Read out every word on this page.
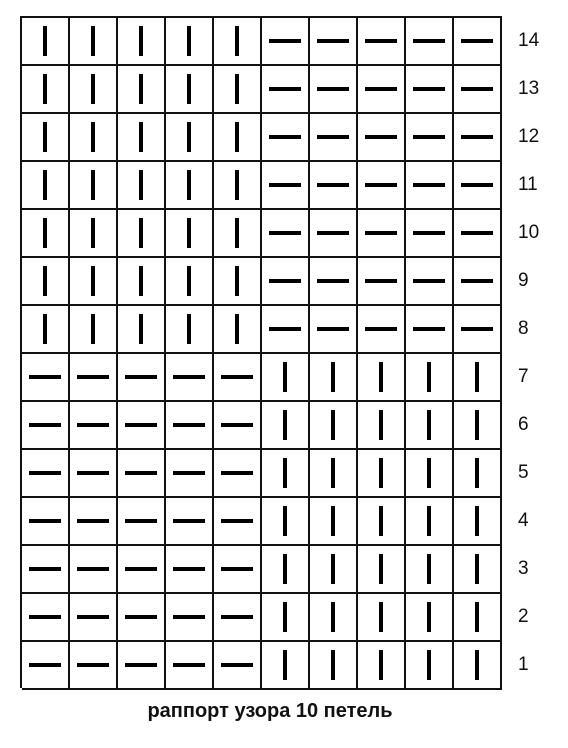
14
13
12
11
10
9
8
7
6
5
4
3
2
1
раппорт узора 10 петель
